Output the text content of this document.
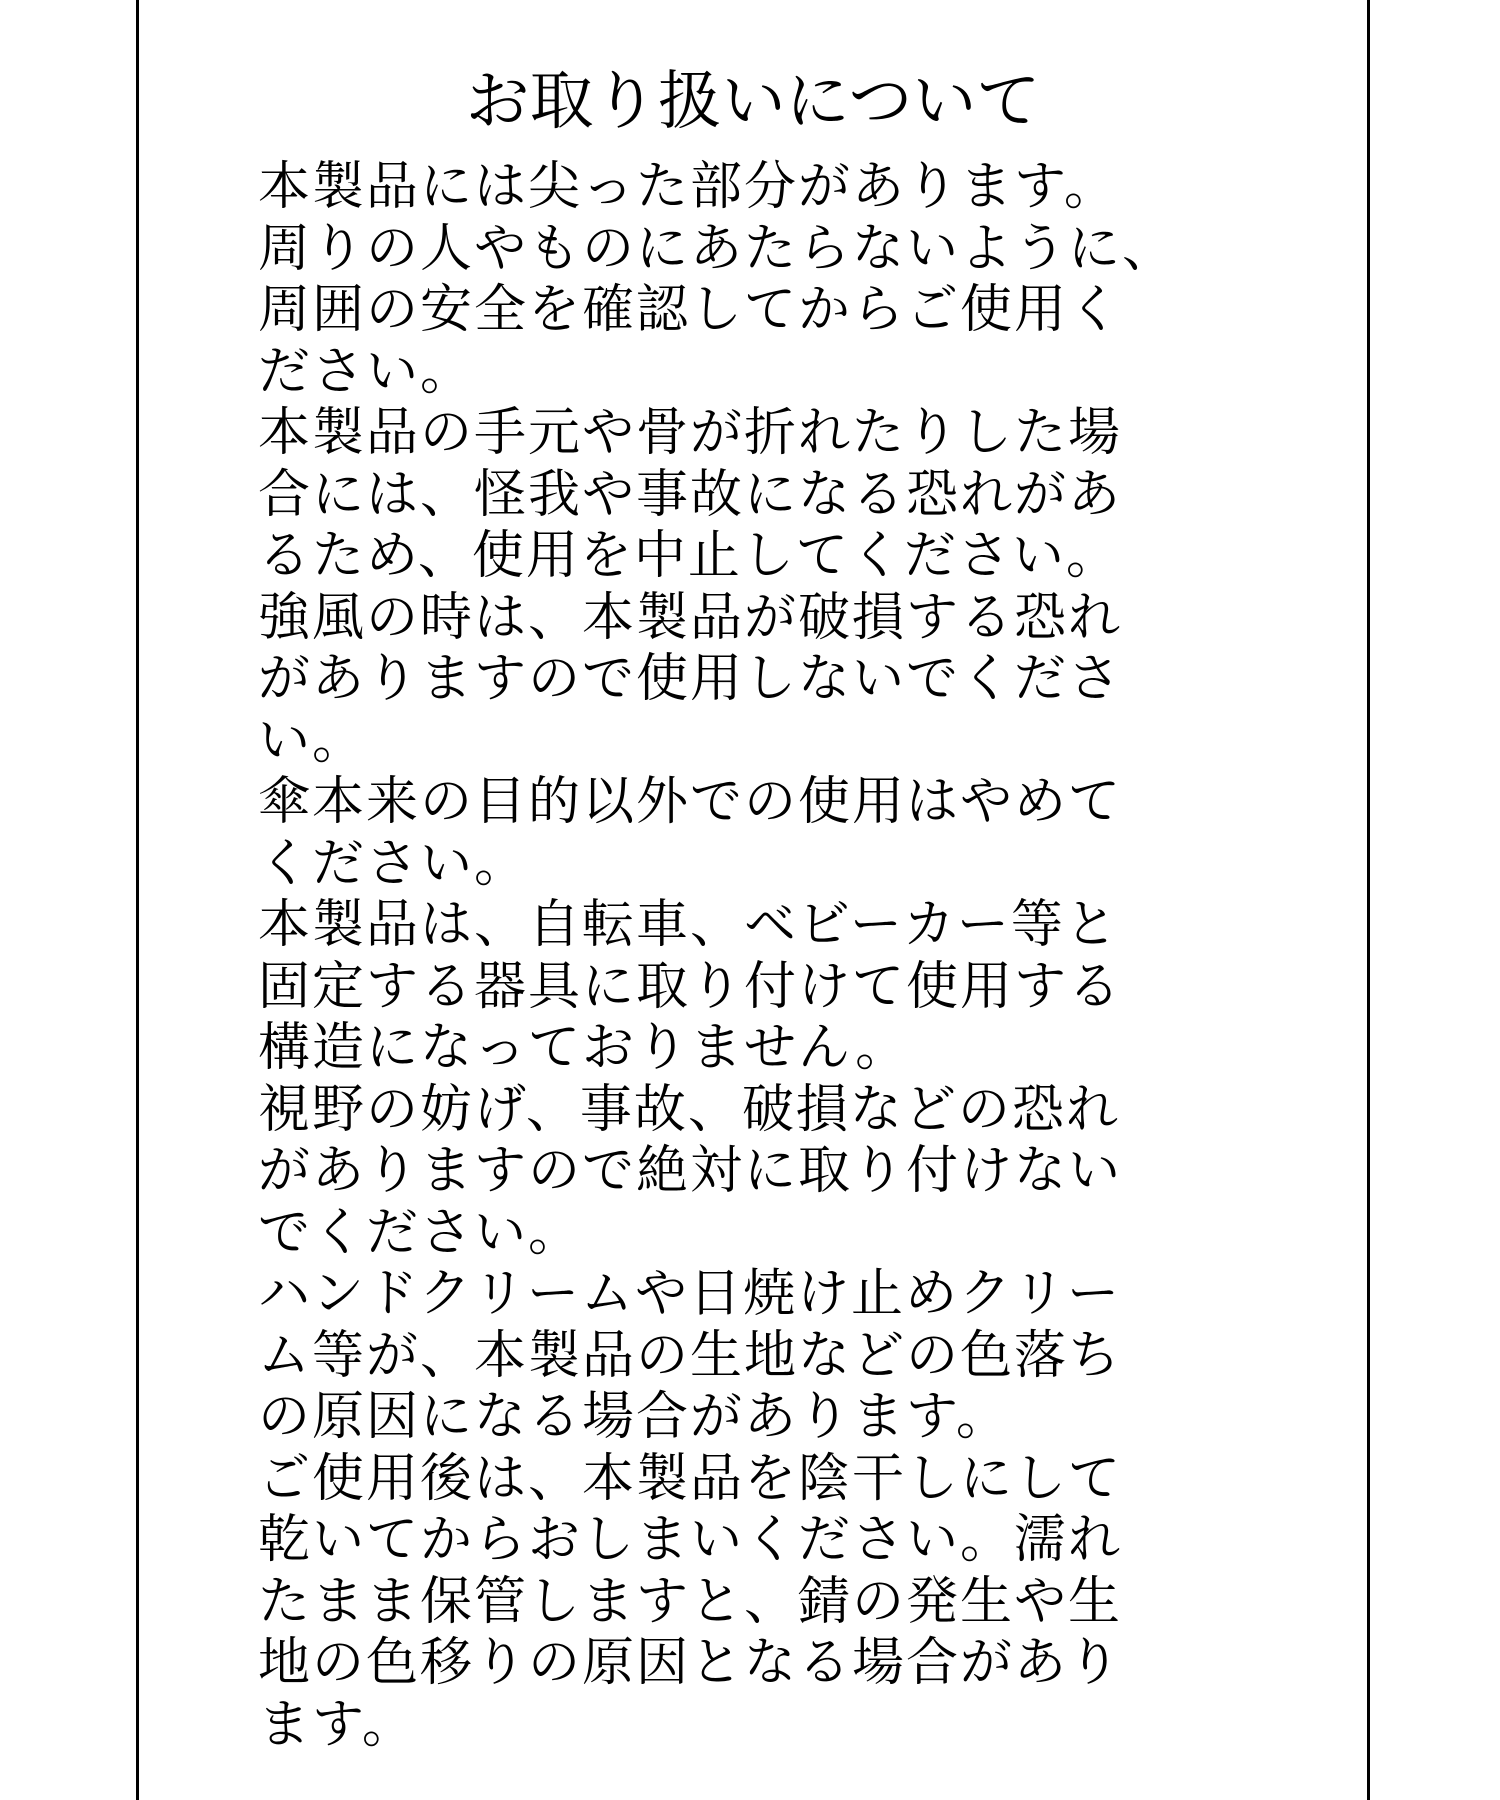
お取り扱いについて
本製品には尖った部分があります。
周りの人やものにあたらないように、
周囲の安全を確認してからご使用く
ださい。
本製品の手元や骨が折れたりした場
合には、怪我や事故になる恐れがあ
るため、使用を中止してください。
強風の時は、本製品が破損する恐れ
がありますので使用しないでくださ
い。
傘本来の目的以外での使用はやめて
ください。
本製品は、自転車、ベビーカー等と
固定する器具に取り付けて使用する
構造になっておりません。
視野の妨げ、事故、破損などの恐れ
がありますので絶対に取り付けない
でください。
ハンドクリームや日焼け止めクリー
ム等が、本製品の生地などの色落ち
の原因になる場合があります。
ご使用後は、本製品を陰干しにして
乾いてからおしまいください。濡れ
たまま保管しますと、錆の発生や生
地の色移りの原因となる場合があり
ます。
